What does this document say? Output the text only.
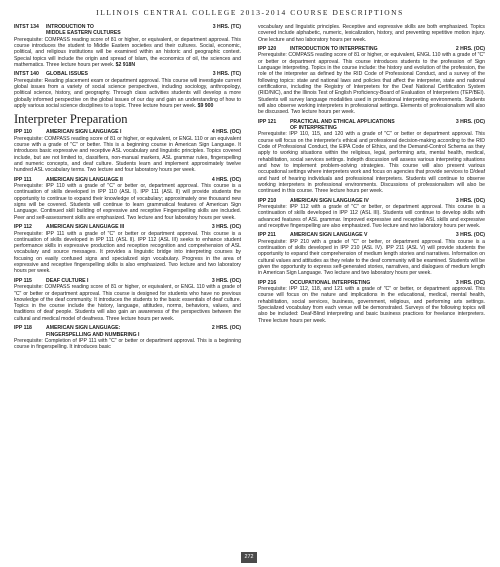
ILLINOIS CENTRAL COLLEGE 2013-2014 COURSE DESCRIPTIONS
INTST 134 INTRODUCTION TO	3 HRS. (TC)
MIDDLE EASTERN CULTURES
Prerequisite: COMPASS reading score of 81 or higher, or equivalent, or department approval. This course introduces the student to Middle Eastern societies and their cultures. Social, economic, political, and religious institutions will be examined within an historic and geographic context. Special topics will include the origin and spread of Islam, the economics of oil, the sciences and mathematics. Three lecture hours per week. $2 918N
INTST 140 GLOBAL ISSUES	3 HRS. (TC)
Prerequisite: Reading placement exam or department approval. This course will investigate current global issues from a variety of social science perspectives, including sociology, anthropology, political science, history, and geography. Through class activities students will develop a more globally informed perspective on the global issues of our day and gain an understanding of how to apply various social science disciplines to a topic. Three lecture hours per week. $9 900
Interpreter Preparation
IPP 110	AMERICAN SIGN LANGUAGE I	4 HRS. (OC)
Prerequisite: COMPASS reading score of 81 or higher, or equivalent, or ENGL 110 or an equivalent course with a grade of "C" or better. This is a beginning course in American Sign Language. It introduces basic expressive and receptive ASL vocabulary and linguistic principles. Topics covered include, but are not limited to, classifiers, non-manual markers, ASL grammar rules, fingerspelling and numeric concepts, and deaf culture. Students learn and implement approximately twelve hundred ASL vocabulary terms. Two lecture and four laboratory hours per week.
IPP 111	AMERICAN SIGN LANGUAGE II	4 HRS. (OC)
Prerequisite: IPP 110 with a grade of "C" or better or, department approval. This course is a continuation of skills developed in IPP 110 (ASL I). IPP 111 (ASL II) will provide students the opportunity to continue to expand their knowledge of vocabulary; approximately one thousand new signs will be covered. Students will continue to learn grammatical features of American Sign Language. Continued skill building of expressive and receptive Fingerspelling skills are included. Peer and self-assessment skills are emphasized. Two lecture and four laboratory hours per week.
IPP 112	AMERICAN SIGN LANGUAGE III	3 HRS. (OC)
Prerequisite: IPP 111 with a grade of "C" or better or department approval. This course is a continuation of skills developed in IPP 111 (ASL II). IPP 112 (ASL III) seeks to enhance student performance skills in expressive production and reception recognition and comprehension of ASL vocabulary and source messages. It provides a linguistic bridge into interpreting courses by focusing on easily confused signs and specialized sign vocabulary. Progress in the area of expressive and receptive fingerspelling skills is also emphasized. Two lecture and two laboratory hours per week.
IPP 115	DEAF CULTURE I	3 HRS. (OC)
Prerequisite: COMPASS reading score of 81 or higher, or equivalent, or ENGL 110 with a grade of "C" or better or department approval. This course is designed for students who have no previous knowledge of the deaf community. It introduces the students to the basic essentials of deaf culture. Topics in the course include the history, language, attitudes, norms, behaviors, values, and traditions of deaf people. Students will also gain an awareness of the perspectives between the cultural and medical model of deafness. Three lecture hours per week.
IPP 118	AMERICAN SIGN LANGUAGE:	2 HRS. (OC)
FINGERSPELLING AND NUMBERING I
Prerequisite: Completion of IPP 111 with "C" or better or department approval. This is a beginning course in fingerspelling. It introduces basic
vocabulary and linguistic principles. Receptive and expressive skills are both emphasized. Topics covered include alphabetic, numeric, lexicalization, history, and preventing repetitive motion injury. One lecture and two laboratory hours per week.
IPP 120	INTRODUCTION TO INTERPRETING	2 HRS. (OC)
Prerequisite: COMPASS reading score of 81 or higher, or equivalent, ENGL 110 with a grade of "C" or better or department approval. This course introduces students to the profession of Sign Language interpreting. Topics in the course include: the history and evolution of the profession, the role of the interpreter as defined by the RID Code of Professional Conduct, and a survey of the following topics: state and national laws and policies that affect the interpreter, state and national certifications, including the Registry of Interpreters for the Deaf National Certification System (RID/NIC), and the Illinois Test of English Proficiency-Board of Evaluation of Interpreters (TEP/BEI). Students will survey language modalities used in professional interpreting environments. Students will also observe working interpreters in professional settings. Elements of professionalism will also be discussed. Two lecture hours per week.
IPP 121	PRACTICAL AND ETHICAL APPLICATIONS	3 HRS. (OC)
OF INTERPRETING
Prerequisite: IPP 110, 115, and 120 with a grade of "C" or better or department approval. This course will focus on the interpreter's ethical and professional decision-making according to the RID Code of Professional Conduct, the EIPA Code of Ethics, and the Demand-Control Schema as they apply to working situations within the religious, legal, performing arts, mental health, medical, rehabilitation, social services settings. Indepth discussion will assess various interpreting situations and how to implement problem-solving strategies. This course will also present various occupational settings where interpreters work and focus on agencies that provide services to D/deaf and hard of hearing individuals and professional interpreters. Students will continue to observe working interpreters in professional environments. Discussions of professionalism will also be continued in this course. Three lecture hours per week.
IPP 210	AMERICAN SIGN LANGUAGE IV	3 HRS. (OC)
Prerequisite: IPP 112 with a grade of "C" or better, or department approval. This course is a continuation of skills developed in IPP 112 (ASL III). Students will continue to develop skills with advanced features of ASL grammar. Improved expressive and receptive ASL skills and expressive and receptive fingerspelling are also emphasized. Two lecture and two laboratory hours per week.
IPP 211	AMERICAN SIGN LANGUAGE V	3 HRS. (OC)
Prerequisite: IPP 210 with a grade of "C" or better, or department approval. This course is a continuation of skills developed in IPP 210 (ASL IV). IPP 211 (ASL V) will provide students the opportunity to expand their comprehension of medium length stories and narratives. Information on cultural values and attitudes as they relate to the deaf community will be examined. Students will be given the opportunity to express self-generated stories, narratives, and dialogues of medium length in American Sign Language. Two lecture and two laboratory hours per week.
IPP 216	OCCUPATIONAL INTERPRETING	3 HRS. (OC)
Prerequisite: IPP 112, 118, and 121 with a grade of "C" or better, or department approval. This course will focus on the nature and implications in the educational, medical, mental health, rehabilitation, social services, business, government, religious, and performing arts settings. Specialized vocabulary from each venue will be demonstrated. Surveys of the following topics will also be included: Deaf-Blind interpreting and basic business practices for freelance interpreters. Three lecture hours per week.
272
